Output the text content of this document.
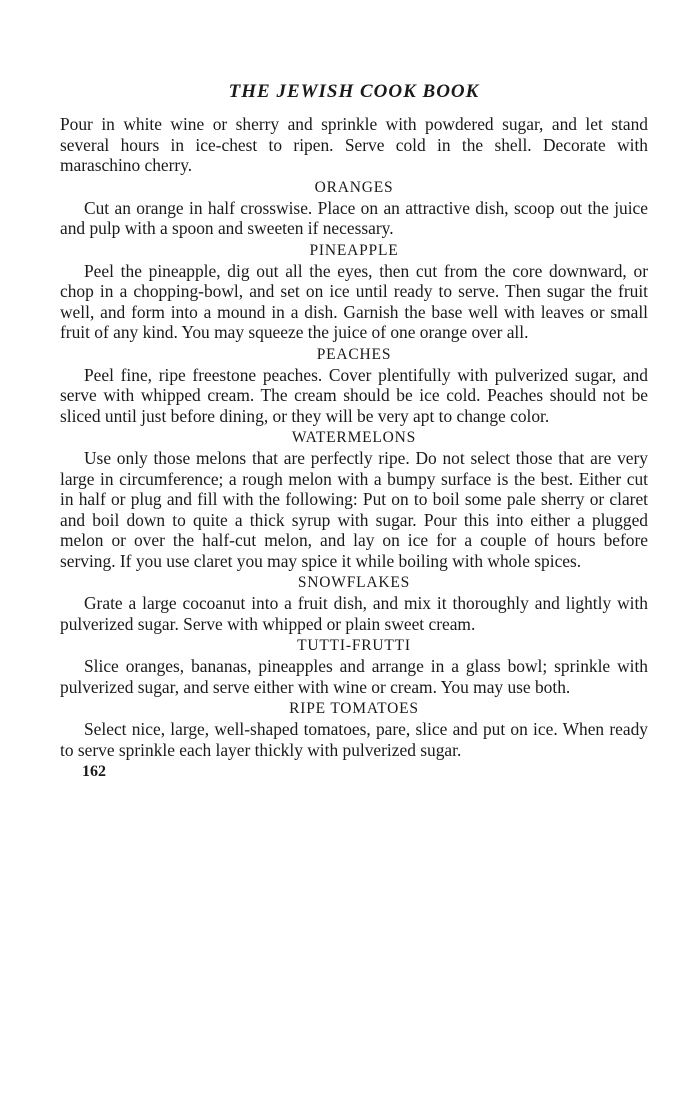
THE JEWISH COOK BOOK

Pour in white wine or sherry and sprinkle with powdered sugar, and let stand several hours in ice-chest to ripen. Serve cold in the shell. Decorate with maraschino cherry.

ORANGES

Cut an orange in half crosswise. Place on an attractive dish, scoop out the juice and pulp with a spoon and sweeten if necessary.

PINEAPPLE

Peel the pineapple, dig out all the eyes, then cut from the core downward, or chop in a chopping-bowl, and set on ice until ready to serve. Then sugar the fruit well, and form into a mound in a dish. Garnish the base well with leaves or small fruit of any kind. You may squeeze the juice of one orange over all.

PEACHES

Peel fine, ripe freestone peaches. Cover plentifully with pulverized sugar, and serve with whipped cream. The cream should be ice cold. Peaches should not be sliced until just before dining, or they will be very apt to change color.

WATERMELONS

Use only those melons that are perfectly ripe. Do not select those that are very large in circumference; a rough melon with a bumpy surface is the best. Either cut in half or plug and fill with the following: Put on to boil some pale sherry or claret and boil down to quite a thick syrup with sugar. Pour this into either a plugged melon or over the half-cut melon, and lay on ice for a couple of hours before serving. If you use claret you may spice it while boiling with whole spices.

SNOWFLAKES

Grate a large cocoanut into a fruit dish, and mix it thoroughly and lightly with pulverized sugar. Serve with whipped or plain sweet cream.

TUTTI-FRUTTI

Slice oranges, bananas, pineapples and arrange in a glass bowl; sprinkle with pulverized sugar, and serve either with wine or cream. You may use both.

RIPE TOMATOES

Select nice, large, well-shaped tomatoes, pare, slice and put on ice. When ready to serve sprinkle each layer thickly with pulverized sugar.

162
